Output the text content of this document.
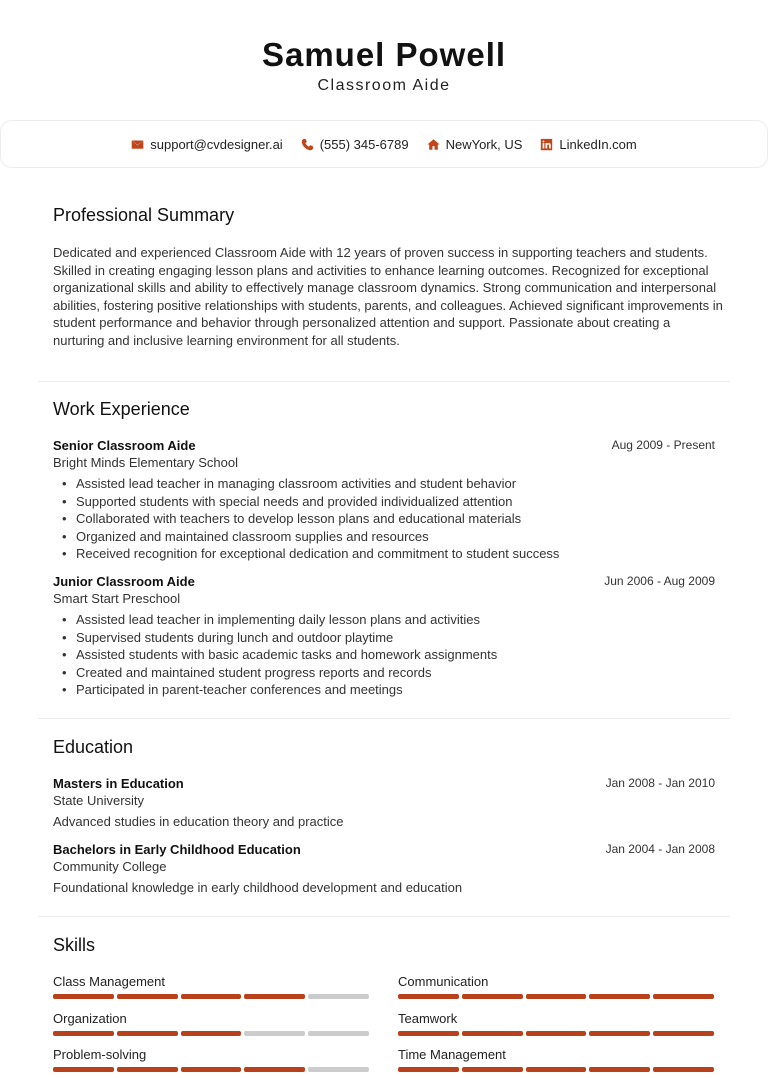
Samuel Powell
Classroom Aide
support@cvdesigner.ai	(555) 345-6789	NewYork, US	LinkedIn.com
Professional Summary
Dedicated and experienced Classroom Aide with 12 years of proven success in supporting teachers and students. Skilled in creating engaging lesson plans and activities to enhance learning outcomes. Recognized for exceptional organizational skills and ability to effectively manage classroom dynamics. Strong communication and interpersonal abilities, fostering positive relationships with students, parents, and colleagues. Achieved significant improvements in student performance and behavior through personalized attention and support. Passionate about creating a nurturing and inclusive learning environment for all students.
Work Experience
Senior Classroom Aide
Bright Minds Elementary School
Aug 2009 - Present
• Assisted lead teacher in managing classroom activities and student behavior
• Supported students with special needs and provided individualized attention
• Collaborated with teachers to develop lesson plans and educational materials
• Organized and maintained classroom supplies and resources
• Received recognition for exceptional dedication and commitment to student success
Junior Classroom Aide
Smart Start Preschool
Jun 2006 - Aug 2009
• Assisted lead teacher in implementing daily lesson plans and activities
• Supervised students during lunch and outdoor playtime
• Assisted students with basic academic tasks and homework assignments
• Created and maintained student progress reports and records
• Participated in parent-teacher conferences and meetings
Education
Masters in Education
State University
Jan 2008 - Jan 2010
Advanced studies in education theory and practice
Bachelors in Early Childhood Education
Community College
Jan 2004 - Jan 2008
Foundational knowledge in early childhood development and education
Skills
Class Management	Communication
Organization	Teamwork
Problem-solving	Time Management
